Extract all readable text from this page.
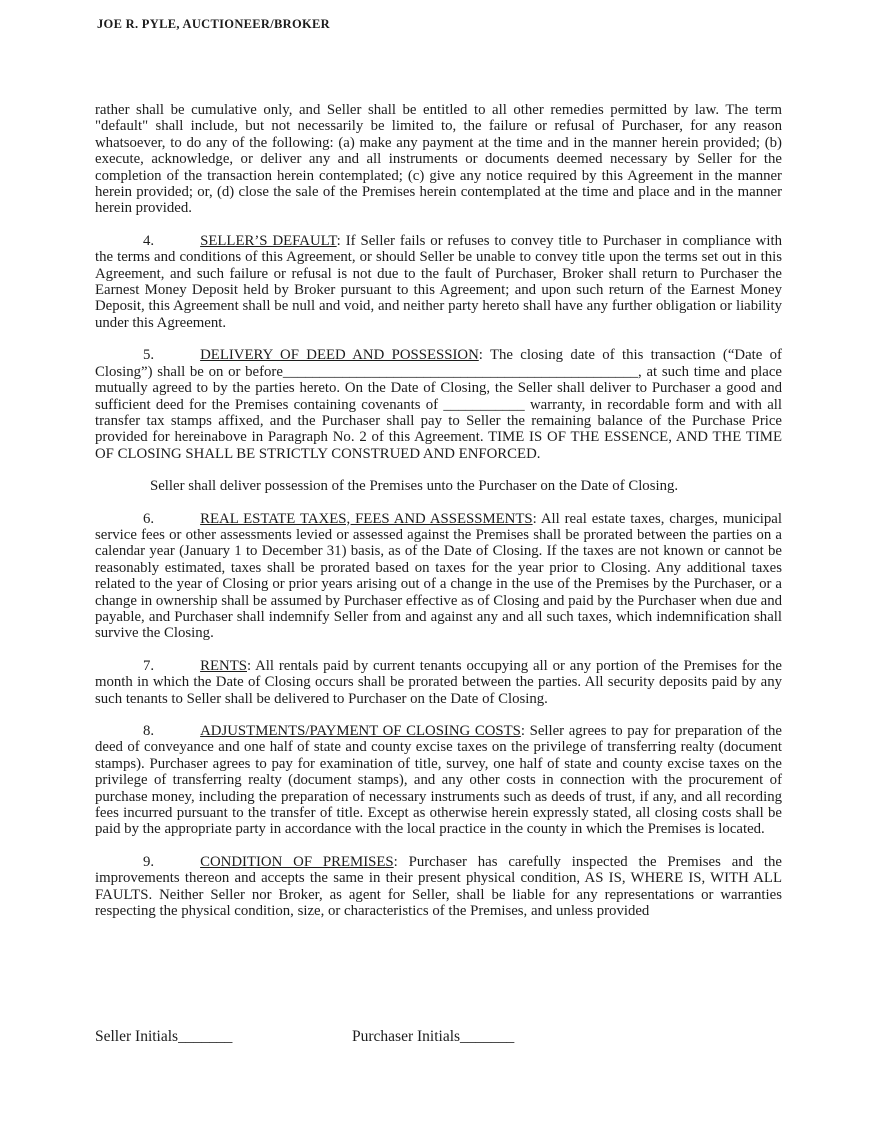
JOE R. PYLE, AUCTIONEER/BROKER

rather shall be cumulative only, and Seller shall be entitled to all other remedies permitted by law. The term "default" shall include, but not necessarily be limited to, the failure or refusal of Purchaser, for any reason whatsoever, to do any of the following: (a) make any payment at the time and in the manner herein provided; (b) execute, acknowledge, or deliver any and all instruments or documents deemed necessary by Seller for the completion of the transaction herein contemplated; (c) give any notice required by this Agreement in the manner herein provided; or, (d) close the sale of the Premises herein contemplated at the time and place and in the manner herein provided.

4.	SELLER’S DEFAULT: If Seller fails or refuses to convey title to Purchaser in compliance with the terms and conditions of this Agreement, or should Seller be unable to convey title upon the terms set out in this Agreement, and such failure or refusal is not due to the fault of Purchaser, Broker shall return to Purchaser the Earnest Money Deposit held by Broker pursuant to this Agreement; and upon such return of the Earnest Money Deposit, this Agreement shall be null and void, and neither party hereto shall have any further obligation or liability under this Agreement.

5.	DELIVERY OF DEED AND POSSESSION: The closing date of this transaction (“Date of Closing”) shall be on or before________________________________________________, at such time and place mutually agreed to by the parties hereto. On the Date of Closing, the Seller shall deliver to Purchaser a good and sufficient deed for the Premises containing covenants of ___________ warranty, in recordable form and with all transfer tax stamps affixed, and the Purchaser shall pay to Seller the remaining balance of the Purchase Price provided for hereinabove in Paragraph No. 2 of this Agreement. TIME IS OF THE ESSENCE, AND THE TIME OF CLOSING SHALL BE STRICTLY CONSTRUED AND ENFORCED.

Seller shall deliver possession of the Premises unto the Purchaser on the Date of Closing.

6.	REAL ESTATE TAXES, FEES AND ASSESSMENTS: All real estate taxes, charges, municipal service fees or other assessments levied or assessed against the Premises shall be prorated between the parties on a calendar year (January 1 to December 31) basis, as of the Date of Closing. If the taxes are not known or cannot be reasonably estimated, taxes shall be prorated based on taxes for the year prior to Closing. Any additional taxes related to the year of Closing or prior years arising out of a change in the use of the Premises by the Purchaser, or a change in ownership shall be assumed by Purchaser effective as of Closing and paid by the Purchaser when due and payable, and Purchaser shall indemnify Seller from and against any and all such taxes, which indemnification shall survive the Closing.

7.	RENTS: All rentals paid by current tenants occupying all or any portion of the Premises for the month in which the Date of Closing occurs shall be prorated between the parties. All security deposits paid by any such tenants to Seller shall be delivered to Purchaser on the Date of Closing.

8.	ADJUSTMENTS/PAYMENT OF CLOSING COSTS: Seller agrees to pay for preparation of the deed of conveyance and one half of state and county excise taxes on the privilege of transferring realty (document stamps). Purchaser agrees to pay for examination of title, survey, one half of state and county excise taxes on the privilege of transferring realty (document stamps), and any other costs in connection with the procurement of purchase money, including the preparation of necessary instruments such as deeds of trust, if any, and all recording fees incurred pursuant to the transfer of title. Except as otherwise herein expressly stated, all closing costs shall be paid by the appropriate party in accordance with the local practice in the county in which the Premises is located.

9.	CONDITION OF PREMISES: Purchaser has carefully inspected the Premises and the improvements thereon and accepts the same in their present physical condition, AS IS, WHERE IS, WITH ALL FAULTS. Neither Seller nor Broker, as agent for Seller, shall be liable for any representations or warranties respecting the physical condition, size, or characteristics of the Premises, and unless provided

Seller Initials_______	Purchaser Initials_______
